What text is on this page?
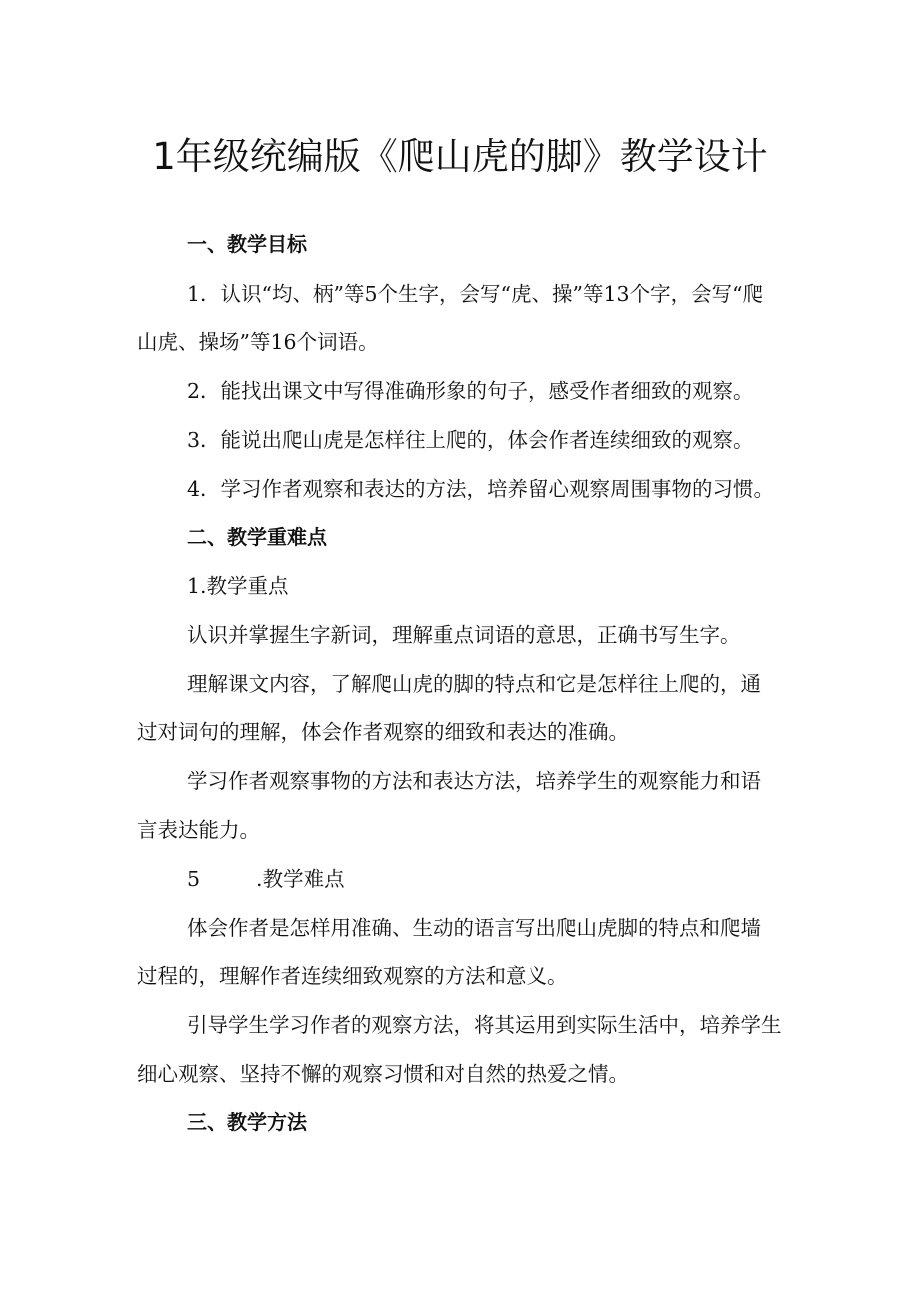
1年级统编版《爬山虎的脚》教学设计

一、教学目标

1．认识“均、柄”等5个生字，会写“虎、操”等13个字，会写“爬

山虎、操场”等16个词语。

2．能找出课文中写得准确形象的句子，感受作者细致的观察。

3．能说出爬山虎是怎样往上爬的，体会作者连续细致的观察。

4．学习作者观察和表达的方法，培养留心观察周围事物的习惯。

二、教学重难点

1.教学重点

认识并掌握生字新词，理解重点词语的意思，正确书写生字。

理解课文内容，了解爬山虎的脚的特点和它是怎样往上爬的，通

过对词句的理解，体会作者观察的细致和表达的准确。

学习作者观察事物的方法和表达方法，培养学生的观察能力和语

言表达能力。

5	.教学难点

体会作者是怎样用准确、生动的语言写出爬山虎脚的特点和爬墙

过程的，理解作者连续细致观察的方法和意义。

引导学生学习作者的观察方法，将其运用到实际生活中，培养学生

细心观察、坚持不懈的观察习惯和对自然的热爱之情。

三、教学方法
